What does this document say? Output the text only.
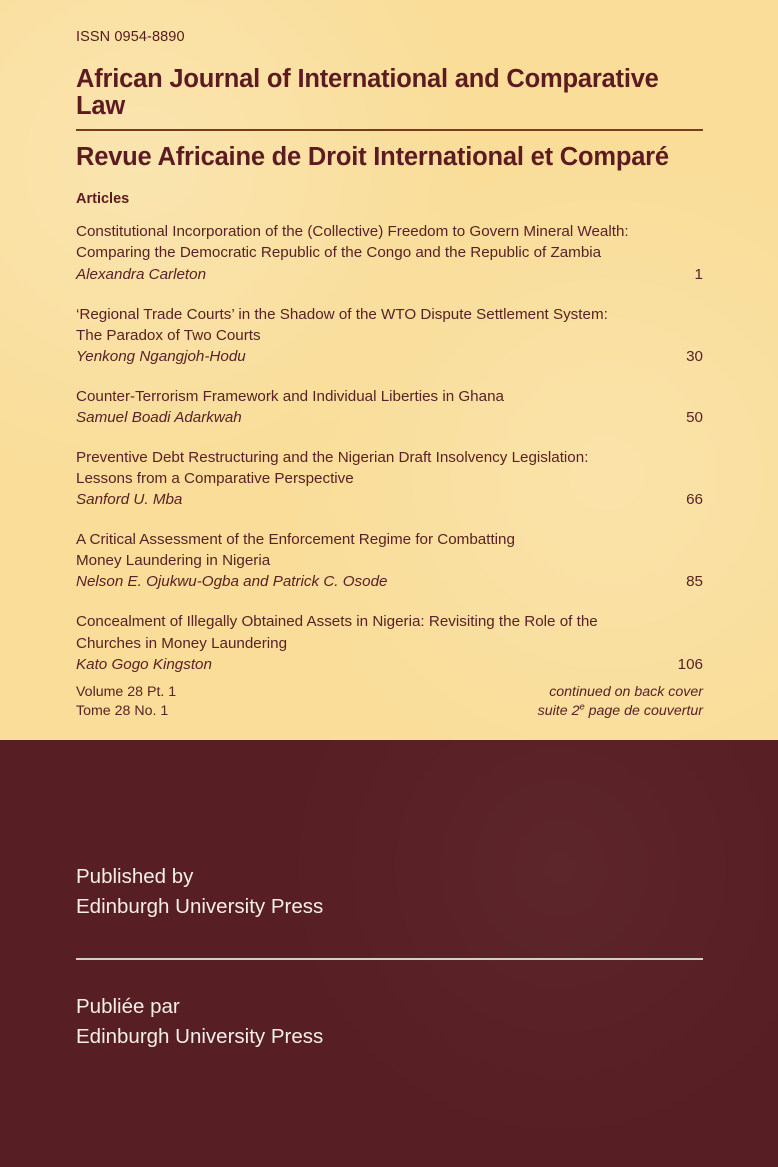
ISSN 0954-8890
African Journal of International and Comparative Law
Revue Africaine de Droit International et Comparé
Articles
Constitutional Incorporation of the (Collective) Freedom to Govern Mineral Wealth:
Comparing the Democratic Republic of the Congo and the Republic of Zambia
Alexandra Carleton	1
‘Regional Trade Courts’ in the Shadow of the WTO Dispute Settlement System:
The Paradox of Two Courts
Yenkong Ngangjoh-Hodu	30
Counter-Terrorism Framework and Individual Liberties in Ghana
Samuel Boadi Adarkwah	50
Preventive Debt Restructuring and the Nigerian Draft Insolvency Legislation:
Lessons from a Comparative Perspective
Sanford U. Mba	66
A Critical Assessment of the Enforcement Regime for Combatting
Money Laundering in Nigeria
Nelson E. Ojukwu-Ogba and Patrick C. Osode	85
Concealment of Illegally Obtained Assets in Nigeria: Revisiting the Role of the
Churches in Money Laundering
Kato Gogo Kingston	106
Volume 28 Pt. 1	continued on back cover
Tome 28 No. 1	suite 2e page de couvertur
Published by
Edinburgh University Press
Publiée par
Edinburgh University Press
